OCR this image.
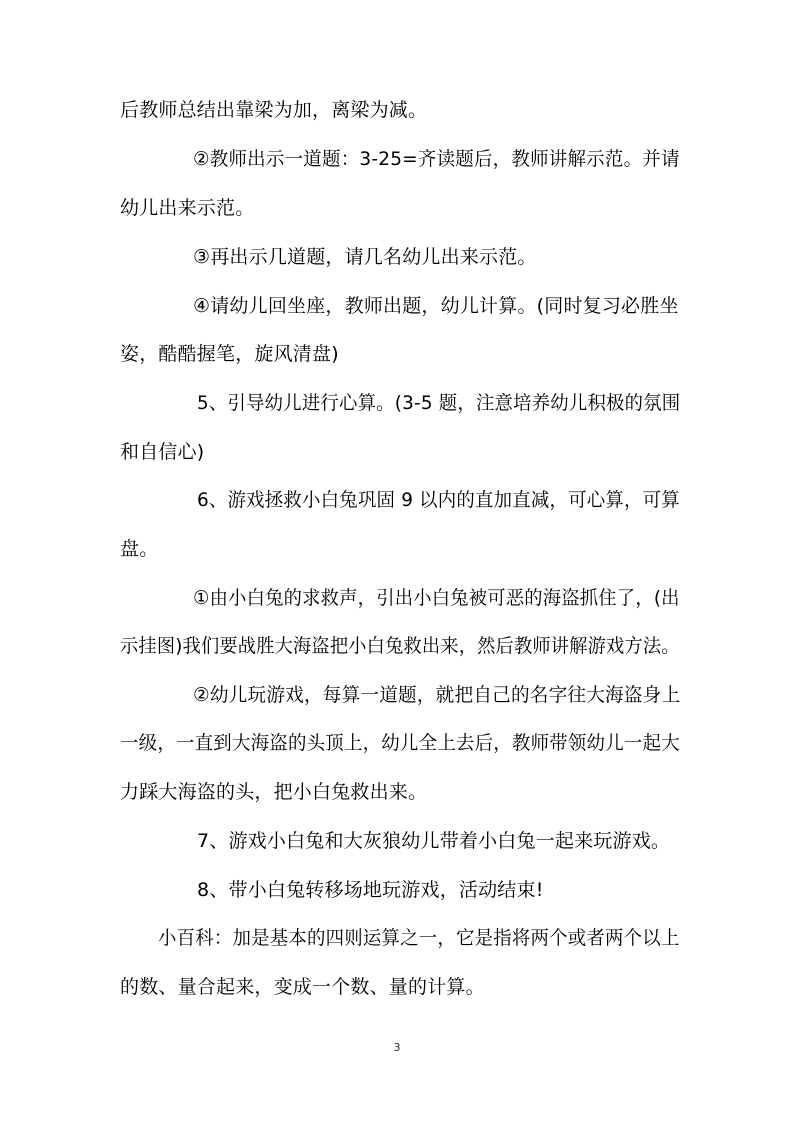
后教师总结出靠梁为加，离梁为减。
②教师出示一道题：3-25=齐读题后，教师讲解示范。并请
幼儿出来示范。
③再出示几道题，请几名幼儿出来示范。
④请幼儿回坐座，教师出题，幼儿计算。(同时复习必胜坐
姿，酷酷握笔，旋风清盘)
5、引导幼儿进行心算。(3-5 题，注意培养幼儿积极的氛围
和自信心)
6、游戏拯救小白兔巩固 9 以内的直加直减，可心算，可算
盘。
①由小白兔的求救声，引出小白兔被可恶的海盗抓住了，(出
示挂图)我们要战胜大海盗把小白兔救出来，然后教师讲解游戏方法。
②幼儿玩游戏，每算一道题，就把自己的名字往大海盗身上
一级，一直到大海盗的头顶上，幼儿全上去后，教师带领幼儿一起大
力踩大海盗的头，把小白兔救出来。
7、游戏小白兔和大灰狼幼儿带着小白兔一起来玩游戏。
8、带小白兔转移场地玩游戏，活动结束!
小百科：加是基本的四则运算之一，它是指将两个或者两个以上
的数、量合起来，变成一个数、量的计算。
3
